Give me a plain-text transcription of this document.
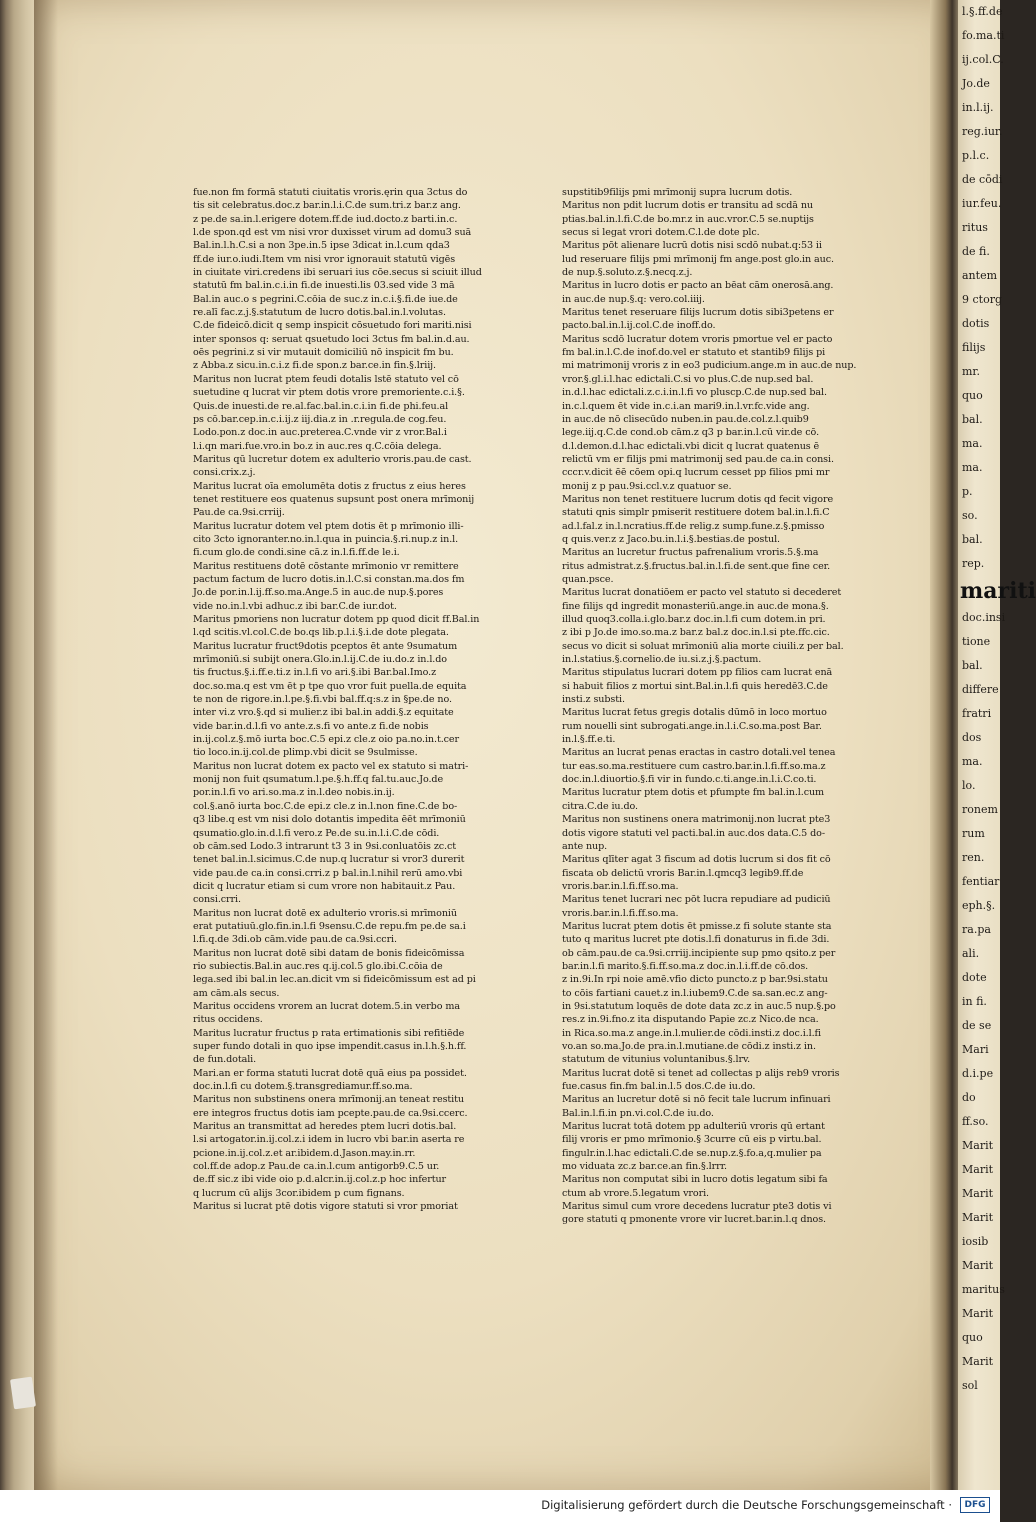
l.§.ff.de
fo.ma.ti
ij.col.C.
Jo.de
in.l.ij.
reg.iur.
p.l.c.
de cōdi
iur.feu.
ritus
de fi.
antem
9 ctorg
dotis
filijs
mr.
quo
bal.
ma.
ma.
p.
so.
bal.
rep.
mariti
doc.insi
tione
bal.
differe
fratri
dos
ma.
lo.
ronem
rum
ren.
fentiar
eph.§.
ra.pa
ali.
dote
in fi.
de se
Mari
d.i.pe
do
ff.so.
Marit
Marit
Marit
Marit
iosib
Marit
maritus
Marit
quo
Marit
sol
fue.non fm formā statuti ciuitatis vroris.ęrin qua 3ctus do
tis sit celebratus.doc.z bar.in.l.i.C.de sum.tri.z bar.z ang.
z pe.de sa.in.l.erigere dotem.ff.de iud.docto.z barti.in.c.
l.de spon.qd est vm nisi vror duxisset virum ad domu3 suā
Bal.in.l.h.C.si a non 3pe.in.5 ipse 3dicat in.l.cum qda3
ff.de iur.o.iudi.Item vm nisi vror ignorauit statutū vigēs
in ciuitate viri.credens ibi seruari ius cōe.secus si sciuit illud
statutū fm bal.in.c.i.in fi.de inuesti.lis 03.sed vide 3 mā
Bal.in auc.o s pegrini.C.cōia de suc.z in.c.i.§.fi.de iue.de
re.alī fac.z.j.§.statutum de lucro dotis.bal.in.l.volutas.
C.de fideicō.dicit q semp inspicit cōsuetudo fori mariti.nisi
inter sponsos q: seruat qsuetudo loci 3ctus fm bal.in.d.au.
oēs pegrini.z si vir mutauit domiciliū nō inspicit fm bu.
z Abba.z sicu.in.c.i.z fi.de spon.z bar.ce.in fin.§.lriij.
Maritus non lucrat ptem feudi dotalis lstē statuto vel cō
suetudine q lucrat vir ptem dotis vrore premoriente.c.i.§.
Quis.de inuesti.de re.al.fac.bal.in.c.i.in fi.de phi.feu.al
ps cō.bar.cep.in.c.i.ij.z iij.dia.z in .r.regula.de cog.feu.
Lodo.pon.z doc.in auc.preterea.C.vnde vir z vror.Bal.i
l.i.qn mari.fue.vro.in bo.z in auc.res q.C.cōia delega.
Maritus qū lucretur dotem ex adulterio vroris.pau.de cast.
consi.crix.z.j.
Maritus lucrat oīa emolumēta dotis z fructus z eius heres
tenet restituere eos quatenus supsunt post onera mrīmonij
Pau.de ca.9si.crriij.
Maritus lucratur dotem vel ptem dotis ēt p mrīmonio illi-
cito 3cto ignoranter.no.in.l.qua in puincia.§.ri.nup.z in.l.
fi.cum glo.de condi.sine cā.z in.l.fi.ff.de le.i.
Maritus restituens dotē cōstante mrīmonio vr remittere
pactum factum de lucro dotis.in.l.C.si constan.ma.dos fm
Jo.de por.in.l.ij.ff.so.ma.Ange.5 in auc.de nup.§.pores
vide no.in.l.vbi adhuc.z ibi bar.C.de iur.dot.
Maritus pmoriens non lucratur dotem pp quod dicit ff.Bal.in
l.qd scitis.vl.col.C.de bo.qs lib.p.l.i.§.i.de dote plegata.
Maritus lucratur fruct9dotis pceptos ēt ante 9sumatum
mrīmoniū.si subijt onera.Glo.in.l.ij.C.de iu.do.z in.l.do
tis fructus.§.i.ff.e.ti.z in.l.fi vo ari.§.ibi Bar.bal.Imo.z
doc.so.ma.q est vm ēt p tpe quo vror fuit puella.de equita
te non de rigore.in.l.pe.§.fi.vbi bal.ff.q:s.z in §pe.de no.
inter vi.z vro.§.qd si mulier.z ibi bal.in addi.§.z equitate
vide bar.in.d.l.fi vo ante.z.s.fi vo ante.z fi.de nobis
in.ij.col.z.§.mō iurta boc.C.5 epi.z cle.z oio pa.no.in.t.cer
tio loco.in.ij.col.de plimp.vbi dicit se 9sulmisse.
Maritus non lucrat dotem ex pacto vel ex statuto si matri-
monij non fuit qsumatum.l.pe.§.h.ff.q fal.tu.auc.Jo.de
por.in.l.fi vo ari.so.ma.z in.l.deo nobis.in.ij.
col.§.anō iurta boc.C.de epi.z cle.z in.l.non fine.C.de bo-
q3 libe.q est vm nisi dolo dotantis impedita ēēt mrīmoniū
qsumatio.glo.in.d.l.fi vero.z Pe.de su.in.l.i.C.de cōdi.
ob cām.sed Lodo.3 intrarunt t3 3 in 9si.conluatōis zc.ct
tenet bal.in.l.sicimus.C.de nup.q lucratur si vror3 durerit
vide pau.de ca.in consi.crri.z p bal.in.l.nihil rerū amo.vbi
dicit q lucratur etiam si cum vrore non habitauit.z Pau.
consi.crri.
Maritus non lucrat dotē ex adulterio vroris.si mrīmoniū
erat putatiuū.glo.fin.in.l.fi 9sensu.C.de repu.fm pe.de sa.i
l.fi.q.de 3di.ob cām.vide pau.de ca.9si.ccri.
Maritus non lucrat dotē sibi datam de bonis fideicōmissa
rio subiectis.Bal.in auc.res q.ij.col.5 glo.ibi.C.cōia de
lega.sed ibi bal.in lec.an.dicit vm si fideicōmissum est ad pi
am cām.als secus.
Maritus occidens vrorem an lucrat dotem.5.in verbo ma
ritus occidens.
Maritus lucratur fructus p rata ertimationis sibi refitiēde
super fundo dotali in quo ipse impendit.casus in.l.h.§.h.ff.
de fun.dotali.
Mari.an er forma statuti lucrat dotē quā eius pa possidet.
doc.in.l.fi cu dotem.§.transgrediamur.ff.so.ma.
Maritus non substinens onera mrīmonij.an teneat restitu
ere integros fructus dotis iam pcepte.pau.de ca.9si.ccerc.
Maritus an transmittat ad heredes ptem lucri dotis.bal.
l.si artogator.in.ij.col.z.i idem in lucro vbi bar.in aserta re
pcione.in.ij.col.z.et ar.ibidem.d.Jason.may.in.rr.
col.ff.de adop.z Pau.de ca.in.l.cum antigorb9.C.5 ur.
de.ff sic.z ibi vide oio p.d.alcr.in.ij.col.z.p hoc infertur
q lucrum cū alijs 3cor.ibidem p cum fignans.
Maritus si lucrat ptē dotis vigore statuti si vror pmoriat
supstitib9filijs pmi mrīmonij supra lucrum dotis.
Maritus non pdit lucrum dotis er transitu ad scdā nu
ptias.bal.in.l.fi.C.de bo.mr.z in auc.vror.C.5 se.nuptijs
secus si legat vrori dotem.C.l.de dote plc.
Maritus pōt alienare lucrū dotis nisi scdō nubat.q:53 ii
lud reseruare filijs pmi mrīmonij fm ange.post glo.in auc.
de nup.§.soluto.z.§.necq.z.j.
Maritus in lucro dotis er pacto an bēat cām onerosā.ang.
in auc.de nup.§.q: vero.col.iiij.
Maritus tenet reseruare filijs lucrum dotis sibi3petens er
pacto.bal.in.l.ij.col.C.de inoff.do.
Maritus scdō lucratur dotem vroris pmortue vel er pacto
fm bal.in.l.C.de inof.do.vel er statuto et stantib9 filijs pi
mi matrimonij vroris z in eo3 pudicium.ange.m in auc.de nup.
vror.§.gl.i.l.hac edictali.C.si vo plus.C.de nup.sed bal.
in.d.l.hac edictali.z.c.i.in.l.fi vo pluscp.C.de nup.sed bal.
in.c.l.quem ēt vide in.c.i.an mari9.in.l.vr.fc.vide ang.
in auc.de nō clisecūdo nuben.in pau.de.col.z.l.quib9
lege.iij.q.C.de cond.ob cām.z q3 p bar.in.l.cū vir.de cō.
d.l.demon.d.l.hac edictali.vbi dicit q lucrat quatenus ē
relictū vm er filijs pmi matrimonij sed pau.de ca.in consi.
cccr.v.dicit ēē cōem opi.q lucrum cesset pp filios pmi mr
monij z p pau.9si.ccl.v.z quatuor se.
Maritus non tenet restituere lucrum dotis qd fecit vigore
statuti qnis simplr pmiserit restituere dotem bal.in.l.fi.C
ad.l.fal.z in.l.ncratius.ff.de relig.z sump.fune.z.§.pmisso
q quis.ver.z z Jaco.bu.in.l.i.§.bestias.de postul.
Maritus an lucretur fructus pafrenalium vroris.5.§.ma
ritus admistrat.z.§.fructus.bal.in.l.fi.de sent.que fine cer.
quan.psce.
Maritus lucrat donatiōem er pacto vel statuto si decederet
fine filijs qd ingredit monasteriū.ange.in auc.de mona.§.
illud quoq3.colla.i.glo.bar.z doc.in.l.fi cum dotem.in pri.
z ibi p Jo.de imo.so.ma.z bar.z bal.z doc.in.l.si pte.ffc.cic.
secus vo dicit si soluat mrīmoniū alia morte ciuili.z per bal.
in.l.statius.§.cornelio.de iu.si.z.j.§.pactum.
Maritus stipulatus lucrari dotem pp filios cam lucrat enā
si habuit filios z mortui sint.Bal.in.l.fi quis heredē3.C.de
insti.z substi.
Maritus lucrat fetus gregis dotalis dūmō in loco mortuo
rum nouelli sint subrogati.ange.in.l.i.C.so.ma.post Bar.
in.l.§.ff.e.ti.
Maritus an lucrat penas eractas in castro dotali.vel tenea
tur eas.so.ma.restituere cum castro.bar.in.l.fi.ff.so.ma.z
doc.in.l.diuortio.§.fi vir in fundo.c.ti.ange.in.l.i.C.co.ti.
Maritus lucratur ptem dotis et pfumpte fm bal.in.l.cum
citra.C.de iu.do.
Maritus non sustinens onera matrimonij.non lucrat pte3
dotis vigore statuti vel pacti.bal.in auc.dos data.C.5 do-
ante nup.
Maritus qlīter agat 3 fiscum ad dotis lucrum si dos fit cō
fiscata ob delictū vroris Bar.in.l.qmcq3 legib9.ff.de
vroris.bar.in.l.fi.ff.so.ma.
Maritus tenet lucrari nec pōt lucra repudiare ad pudiciū
vroris.bar.in.l.fi.ff.so.ma.
Maritus lucrat ptem dotis ēt pmisse.z fi solute stante sta
tuto q maritus lucret pte dotis.l.fi donaturus in fi.de 3di.
ob cām.pau.de ca.9si.crriij.incipiente sup pmo qsito.z per
bar.in.l.fi marito.§.fi.ff.so.ma.z doc.in.l.i.ff.de cō.dos.
z in.9i.In rpi noie amē.vfio dicto puncto.z p bar.9si.statu
to cōis fartiani cauet.z in.l.iubem9.C.de sa.san.ec.z ang-
in 9si.statutum loquēs de dote data zc.z in auc.5 nup.§.po
res.z in.9i.fno.z ita disputando Papie zc.z Nico.de nca.
in Rica.so.ma.z ange.in.l.mulier.de cōdi.insti.z doc.i.l.fi
vo.an so.ma.Jo.de pra.in.l.mutiane.de cōdi.z insti.z in.
statutum de vitunius voluntanibus.§.lrv.
Maritus lucrat dotē si tenet ad collectas p alijs reb9 vroris
fue.casus fin.fm bal.in.l.5 dos.C.de iu.do.
Maritus an lucretur dotē si nō fecit tale lucrum infinuari
Bal.in.l.fi.in pn.vi.col.C.de iu.do.
Maritus lucrat totā dotem pp adulteriū vroris qū ertant
filij vroris er pmo mrīmonio.§ 3curre cū eis p virtu.bal.
fingulr.in.l.hac edictali.C.de se.nup.z.§.fo.a,q.mulier pa
mo viduata zc.z bar.ce.an fin.§.lrrr.
Maritus non computat sibi in lucro dotis legatum sibi fa
ctum ab vrore.5.legatum vrori.
Maritus simul cum vrore decedens lucratur pte3 dotis vi
gore statuti q pmonente vrore vir lucret.bar.in.l.q dnos.
Digitalisierung gefördert durch die Deutsche Forschungsgemeinschaft ·	DFG
